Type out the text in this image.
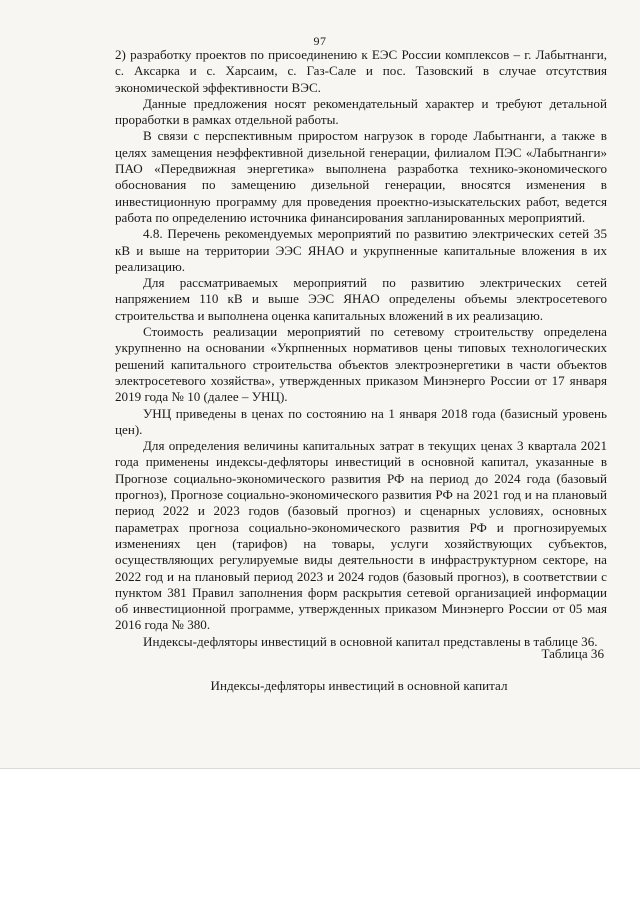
97

2) разработку проектов по присоединению к ЕЭС России комплексов – г. Лабытнанги, с. Аксарка и с. Харсаим, с. Газ-Сале и пос. Тазовский в случае отсутствия экономической эффективности ВЭС.

Данные предложения носят рекомендательный характер и требуют детальной проработки в рамках отдельной работы.

В связи с перспективным приростом нагрузок в городе Лабытнанги, а также в целях замещения неэффективной дизельной генерации, филиалом ПЭС «Лабытнанги» ПАО «Передвижная энергетика» выполнена разработка технико-экономического обоснования по замещению дизельной генерации, вносятся изменения в инвестиционную программу для проведения проектно-изыскательских работ, ведется работа по определению источника финансирования запланированных мероприятий.

4.8. Перечень рекомендуемых мероприятий по развитию электрических сетей 35 кВ и выше на территории ЭЭС ЯНАО и укрупненные капитальные вложения в их реализацию.

Для рассматриваемых мероприятий по развитию электрических сетей напряжением 110 кВ и выше ЭЭС ЯНАО определены объемы электросетевого строительства и выполнена оценка капитальных вложений в их реализацию.

Стоимость реализации мероприятий по сетевому строительству определена укрупненно на основании «Укрпненных нормативов цены типовых технологических решений капитального строительства объектов электроэнергетики в части объектов электросетевого хозяйства», утвержденных приказом Минэнерго России от 17 января 2019 года № 10 (далее – УНЦ).

УНЦ приведены в ценах по состоянию на 1 января 2018 года (базисный уровень цен).

Для определения величины капитальных затрат в текущих ценах 3 квартала 2021 года применены индексы-дефляторы инвестиций в основной капитал, указанные в Прогнозе социально-экономического развития РФ на период до 2024 года (базовый прогноз), Прогнозе социально-экономического развития РФ на 2021 год и на плановый период 2022 и 2023 годов (базовый прогноз) и сценарных условиях, основных параметрах прогноза социально-экономического развития РФ и прогнозируемых изменениях цен (тарифов) на товары, услуги хозяйствующих субъектов, осуществляющих регулируемые виды деятельности в инфраструктурном секторе, на 2022 год и на плановый период 2023 и 2024 годов (базовый прогноз), в соответствии с пунктом 381 Правил заполнения форм раскрытия сетевой организацией информации об инвестиционной программе, утвержденных приказом Минэнерго России от 05 мая 2016 года № 380.

Индексы-дефляторы инвестиций в основной капитал представлены в таблице 36.

Таблица 36
Индексы-дефляторы инвестиций в основной капитал
